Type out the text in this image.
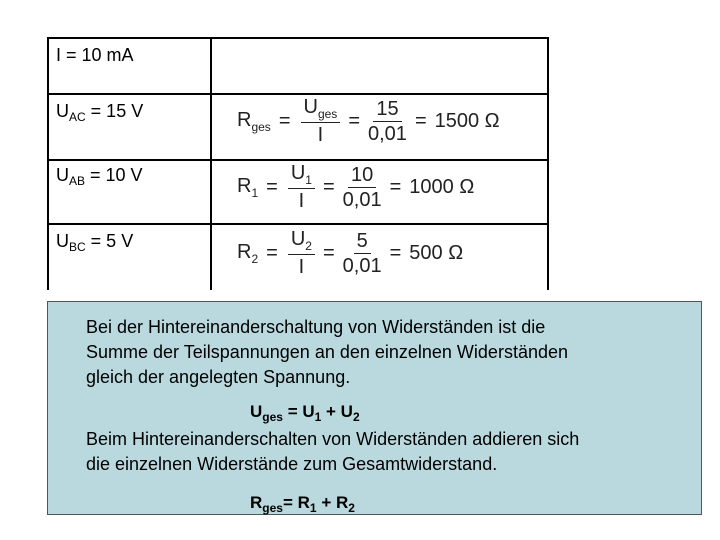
I = 10 mA
$U_{AC} = 15$ V
$U_{AB} = 10$ V
$U_{BC} = 5$ V
$R_{ges} = \frac{U_{ges}}{I} = \frac{15}{0,01} = 1500$ Ω
$R_1 = \frac{U_1}{I} = \frac{10}{0,01} = 1000$ Ω
$R_2 = \frac{U_2}{I} = \frac{5}{0,01} = 500$ Ω
Bei der Hintereinanderschaltung von Widerständen ist die
Summe der Teilspannungen an den einzelnen Widerständen
gleich der angelegten Spannung.
$U_{ges} = U_1 + U_2$
Beim Hintereinanderschalten von Widerständen addieren sich
die einzelnen Widerstände zum Gesamtwiderstand.
$R_{ges}= R_1 + R_2$
